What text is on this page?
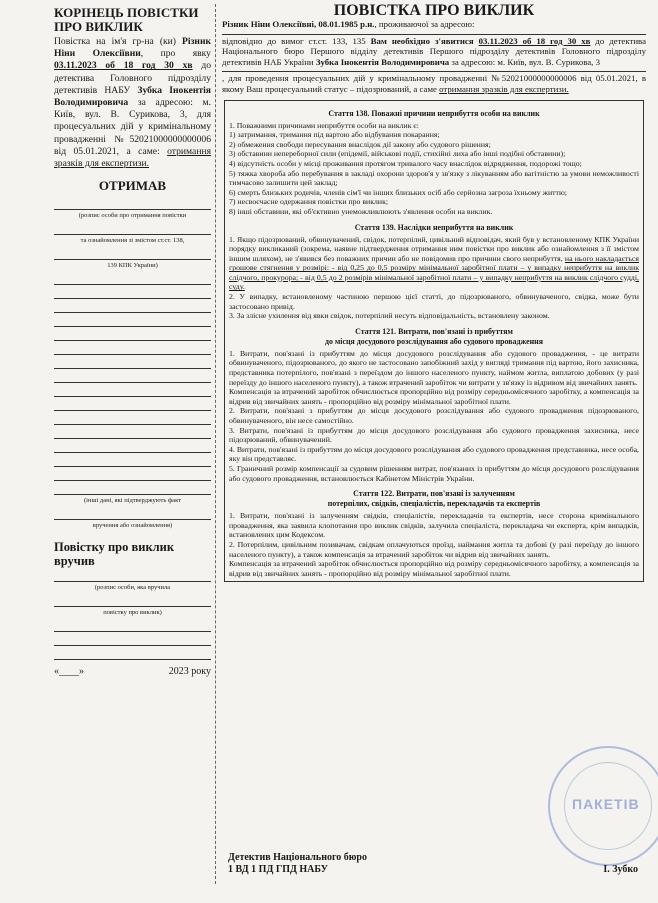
КОРІНЕЦЬ ПОВІСТКИ ПРО ВИКЛИК
Повістка на ім'я гр-на (ки) Різник Ніни Олексіївни, про явку 03.11.2023 об 18 год 30 хв до детектива Головного підрозділу детективів НАБУ Зубка Інокентія Володимировича за адресою: м. Київ, вул. В. Сурикова, 3, для процесуальних дій у кримінальному провадженні №52021000000000006 від 05.01.2021, а саме: отримання зразків для експертизи.
ОТРИМАВ
(розпис особи про отримання повістки
та ознайомлення зі змістом ст.ст. 138,
139 КПК України)
(інші дані, які підтверджують факт
вручення або ознайомлення)
Повістку про виклик вручив
(розпис особи, яка вручила
повістку про виклик)
«____»	2023 року
ПОВІСТКА ПРО ВИКЛИК

Різник Ніни Олексіївні, 08.01.1985 р.н., проживаючої за адресою:

відповідно до вимог ст.ст. 133, 135 Вам необхідно з'явитися 03.11.2023 об 18 год 30 хв до детектива Національного бюро Першого відділу детективів Першого підрозділу детективів Головного підрозділу детективів НАБ України Зубка Інокентія Володимировича за адресою: м. Київ, вул. В. Сурикова, 3

, для проведення процесуальних дій у кримінальному провадженні №52021000000000006 від 05.01.2021, в якому Ваш процесуальний статус – підозрюваний, а саме отримання зразків для експертизи.

Стаття 138. Поважні причини неприбуття особи на виклик

1. Поважними причинами неприбуття особи на виклик є:

1) затримання, тримання під вартою або відбування покарання;

2) обмеження свободи пересування внаслідок дії закону або судового рішення;

3) обставини непереборної сили (епідемії, військові події, стихійні лиха або інші подібні обставини);

4) відсутність особи у місці проживання протягом тривалого часу внаслідок відрядження, подорожі тощо;

5) тяжка хвороба або перебування в закладі охорони здоров'я у зв'язку з лікуванням або вагітністю за умови неможливості тимчасово залишити цей заклад;

6) смерть близьких родичів, членів сім'ї чи інших близьких осіб або серйозна загроза їхньому життю;

7) несвоєчасне одержання повістки про виклик;

8) інші обставини, які об'єктивно унеможливлюють з'явлення особи на виклик.

Стаття 139. Наслідки неприбуття на виклик

1. Якщо підозрюваний, обвинувачений, свідок, потерпілий, цивільний відповідач, який був у встановленому КПК України порядку викликаний (зокрема, наявне підтвердження отримання ним повістки про виклик або ознайомлення з її змістом іншим шляхом), не з'явився без поважних причин або не повідомив про причини свого неприбуття, на нього накладається грошове стягнення у розмірі: - від 0,25 до 0,5 розміру мінімальної заробітної плати – у випадку неприбуття на виклик слідчого, прокурора; - від 0,5 до 2 розмірів мінімальної заробітної плати – у випадку неприбуття на виклик слідчого судді, суду.

2. У випадку, встановленому частиною першою цієї статті, до підозрюваного, обвинуваченого, свідка, може бути застосовано привід.

3. За злісне ухилення від явки свідок, потерпілий несуть відповідальність, встановлену законом.

Стаття 121. Витрати, пов'язані із прибуттям
до місця досудового розслідування або судового провадження

1. Витрати, пов'язані із прибуттям до місця досудового розслідування або судового провадження, - це витрати обвинуваченого, підозрюваного, до якого не застосовано запобіжний захід у вигляді тримання під вартою, його захисника, представника потерпілого, пов'язані з переїздом до іншого населеного пункту, наймом житла, виплатою добових (у разі переїзду до іншого населеного пункту), а також втрачений заробіток чи витрати у зв'язку із відривом від звичайних занять.

Компенсація за втрачений заробіток обчислюється пропорційно від розміру середньомісячного заробітку, а компенсація за відрив від звичайних занять - пропорційно від розміру мінімальної заробітної плати.

2. Витрати, пов'язані з прибуттям до місця досудового розслідування або судового провадження підозрюваного, обвинуваченого, він несе самостійно.

3. Витрати, пов'язані із прибуттям до місця досудового розслідування або судового провадження захисника, несе підозрюваний, обвинувачений.

4. Витрати, пов'язані із прибуттям до місця досудового розслідування або судового провадження представника, несе особа, яку він представляє.

5. Граничний розмір компенсації за судовим рішенням витрат, пов'язаних із прибуттям до місця досудового розслідування або судового провадження, встановлюється Кабінетом Міністрів України.

Стаття 122. Витрати, пов'язані із залученням
потерпілих, свідків, спеціалістів, перекладачів та експертів

1. Витрати, пов'язані із залученням свідків, спеціалістів, перекладачів та експертів, несе сторона кримінального провадження, яка заявила клопотання про виклик свідків, залучила спеціаліста, перекладача чи експерта, крім випадків, встановлених цим Кодексом.

2. Потерпілим, цивільним позивачам, свідкам оплачуються проїзд, наймання житла та добові (у разі переїзду до іншого населеного пункту), а також компенсація за втрачений заробіток чи відрив від звичайних занять.

Компенсація за втрачений заробіток обчислюється пропорційно від розміру середньомісячного заробітку, а компенсація за відрив від звичайних занять - пропорційно від розміру мінімальної заробітної плати.

ПАКЕТІВ
Детектив Національного бюро
1 ВД 1 ПД ГПД НАБУ	І. Зубко
